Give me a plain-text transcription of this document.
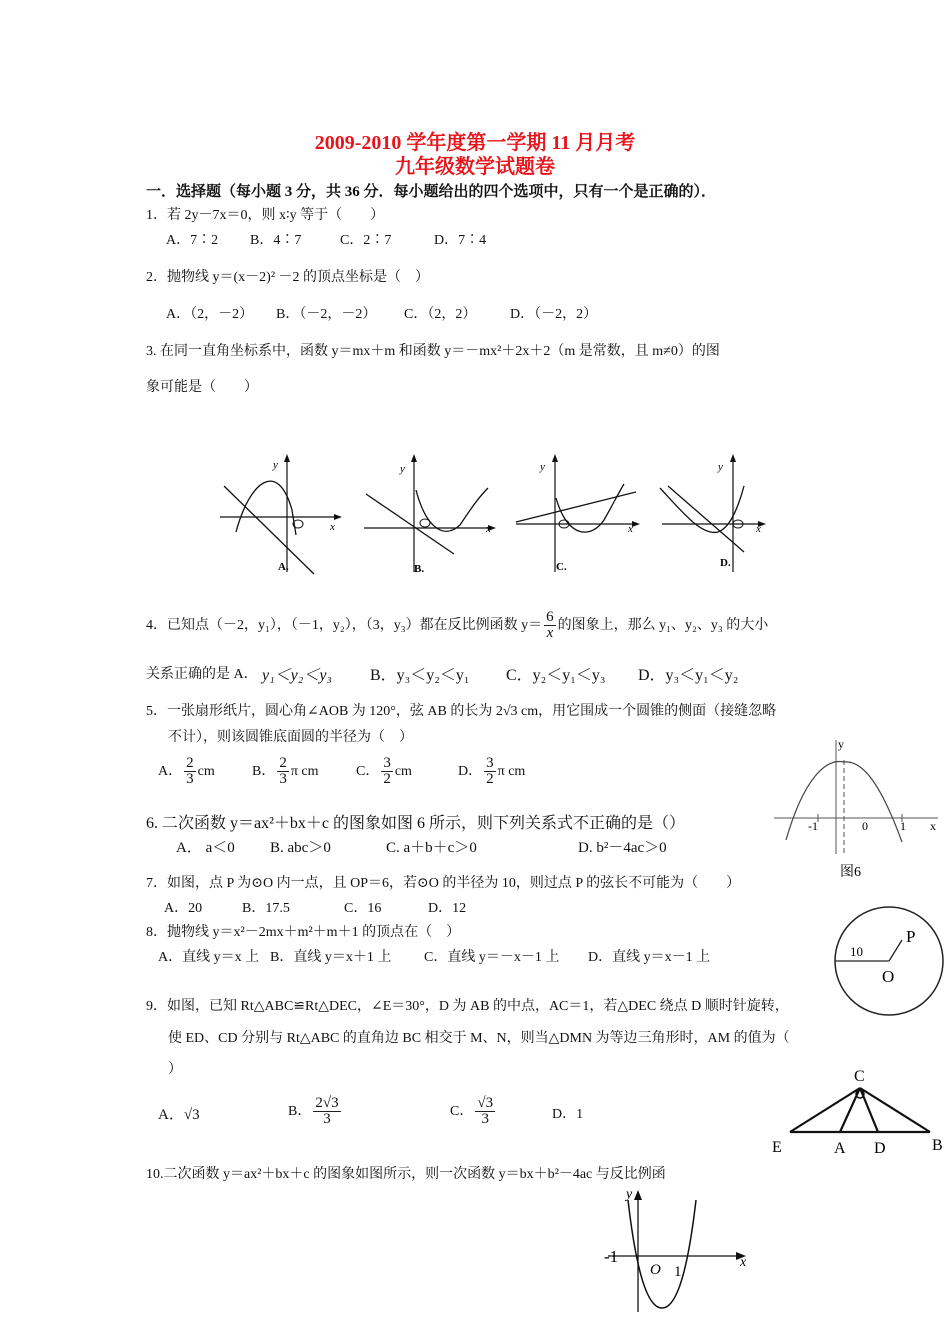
2009-2010 学年度第一学期 11 月月考
九年级数学试题卷
一．选择题（每小题 3 分，共 36 分．每小题给出的四个选项中，只有一个是正确的）．
1．若 2y－7x＝0，则 x∶y 等于（　　）
A．7∶2 B．4∶7	C．2∶7	D．7∶4
2．抛物线 y＝(x－2)² －2 的顶点坐标是（　）
A．（2，－2） B．（－2，－2） C．（2，2） D．（－2，2）
3. 在同一直角坐标系中，函数 y＝mx＋m 和函数 y＝－mx²＋2x＋2（m 是常数，且 m≠0）的图
象可能是（　　）
y
x
A.
y
x
B.
y
x
C.
y
x
D.
4．已知点（－2，y₁），（－1，y₂），（3，y₃）都在反比例函数 $y= \frac{6}{x}$ 的图象上，那么 y₁、y₂、y₃ 的大小
关系正确的是 A． y₁＜y₂＜y₃ B．y₃＜y₂＜y₁ C．y₂＜y₁＜y₃ D．y₃＜y₁＜y₂
5．一张扇形纸片，圆心角∠AOB 为 120°，弦 AB 的长为 2√3 cm，用它围成一个圆锥的侧面（接缝忽略
不计），则该圆锥底面圆的半径为（　）
A． $\frac{2}{3}$ cm	B． $\frac{2}{3}$ π cm	C． $\frac{3}{2}$ cm	D． $\frac{3}{2}$ π cm
6. 二次函数 y＝ax²＋bx＋c 的图象如图 6 所示，则下列关系式不正确的是（）
A． a＜0 B. abc＞0	C. a＋b＋c＞0	D. b²－4ac＞0
y
x
-1	0	1
图6
7．如图，点 P 为⊙O 内一点，且 OP＝6，若⊙O 的半径为 10，则过点 P 的弦长不可能为（　　）
A．20	B．17.5	C．16	D．12
P
O
10
8．抛物线 y＝x²－2mx＋m²＋m＋1 的顶点在（　）
A．直线 y＝x 上 B．直线 y＝x＋1 上 C．直线 y＝－x－1 上 D．直线 y＝x－1 上
9．如图，已知 Rt△ABC≌Rt△DEC，∠E＝30°，D 为 AB 的中点，AC＝1，若△DEC 绕点 D 顺时针旋转，
使 ED、CD 分别与 Rt△ABC 的直角边 BC 相交于 M、N，则当△DMN 为等边三角形时，AM 的值为（
）
A．√3	B． $\frac{2√3}{3}$	C． $\frac{√3}{3}$	D．1
C
E	A D	B
10.二次函数 y＝ax²＋bx＋c 的图象如图所示，则一次函数 y＝bx＋b²－4ac 与反比例函
y
x
-1
O 1
